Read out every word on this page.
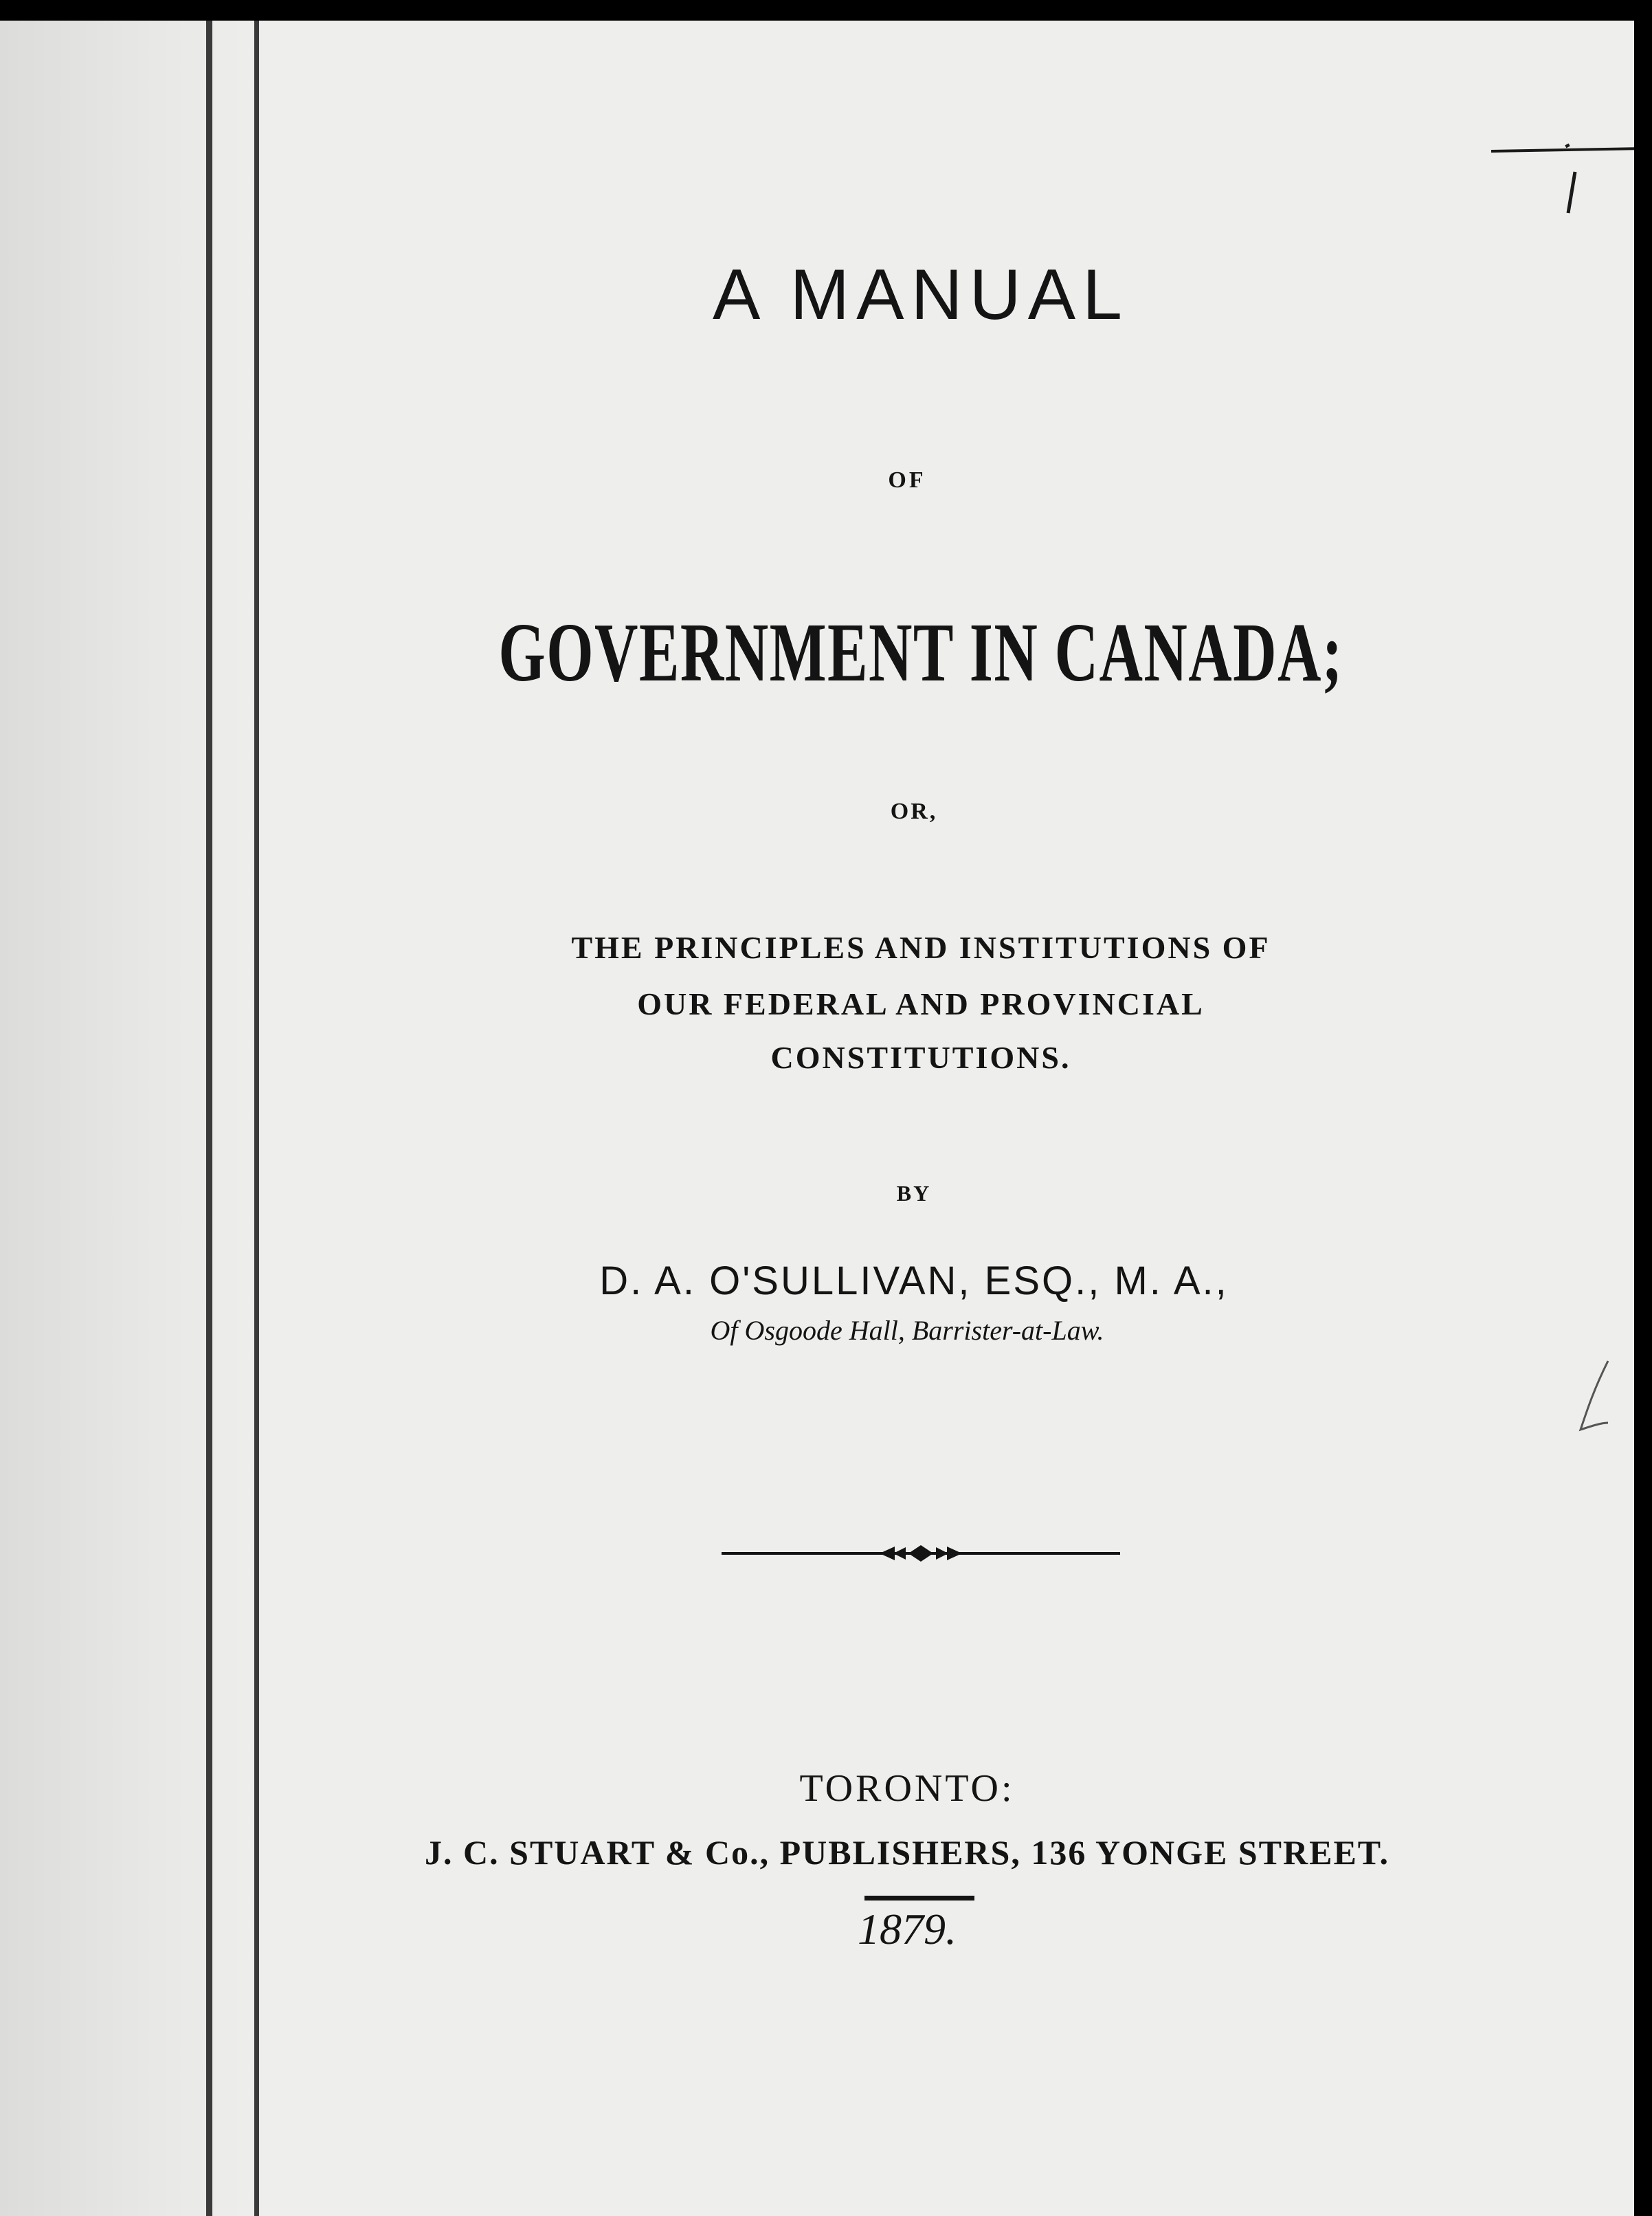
A MANUAL
OF
GOVERNMENT IN CANADA;
OR,
THE PRINCIPLES AND INSTITUTIONS OF
OUR FEDERAL AND PROVINCIAL
CONSTITUTIONS.
BY
D. A. O'SULLIVAN, ESQ., M. A.,
Of Osgoode Hall, Barrister-at-Law.
TORONTO:
J. C. STUART & Co., PUBLISHERS, 136 YONGE STREET.
1879.
